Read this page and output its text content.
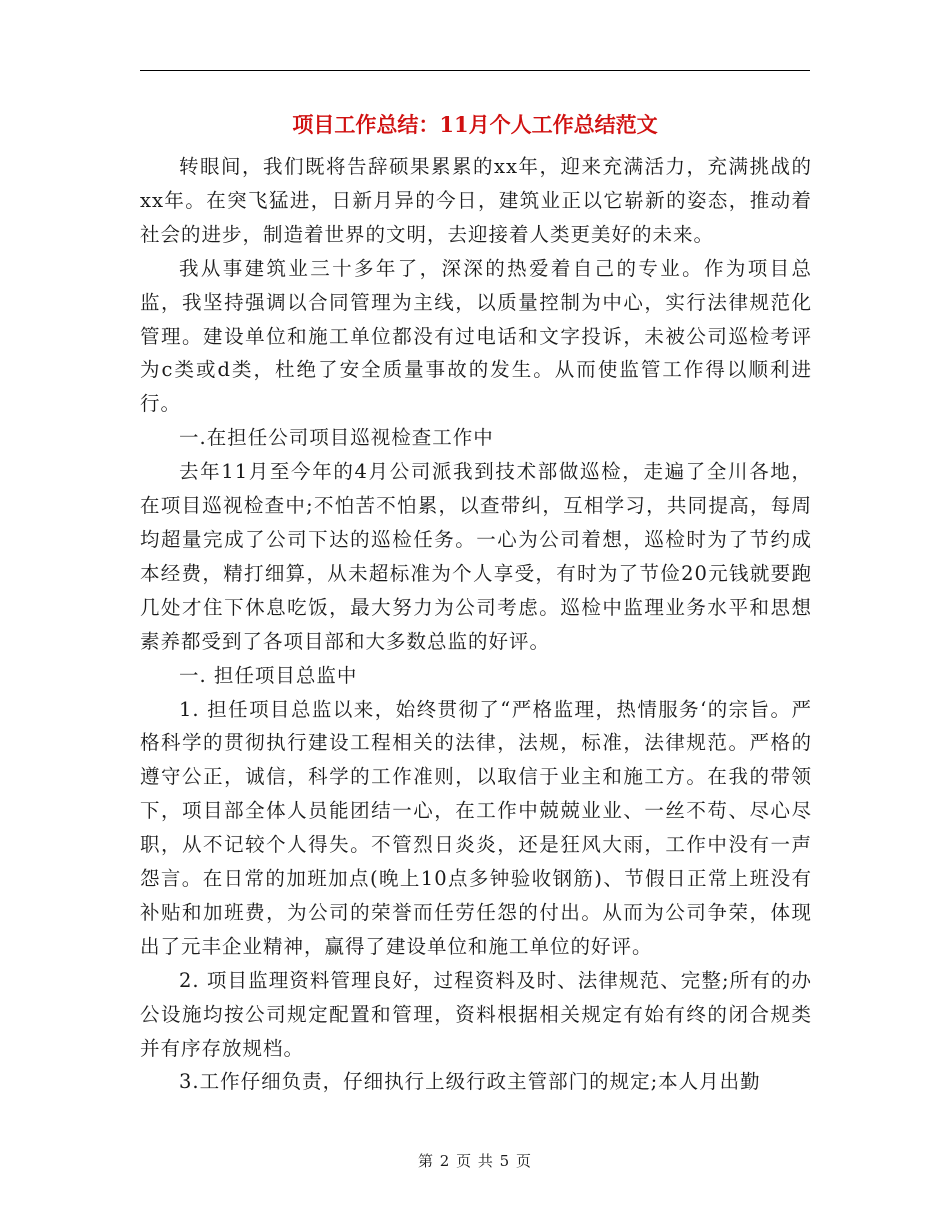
项目工作总结：11月个人工作总结范文

转眼间，我们既将告辞硕果累累的xx年，迎来充满活力，充满挑战的xx年。在突飞猛进，日新月异的今日，建筑业正以它崭新的姿态，推动着社会的进步，制造着世界的文明，去迎接着人类更美好的未来。

我从事建筑业三十多年了，深深的热爱着自己的专业。作为项目总监，我坚持强调以合同管理为主线，以质量控制为中心，实行法律规范化管理。建设单位和施工单位都没有过电话和文字投诉，未被公司巡检考评为c类或d类，杜绝了安全质量事故的发生。从而使监管工作得以顺利进行。

一.在担任公司项目巡视检查工作中

去年11月至今年的4月公司派我到技术部做巡检，走遍了全川各地，在项目巡视检查中;不怕苦不怕累，以查带纠，互相学习，共同提高，每周均超量完成了公司下达的巡检任务。一心为公司着想，巡检时为了节约成本经费，精打细算，从未超标准为个人享受，有时为了节俭20元钱就要跑几处才住下休息吃饭，最大努力为公司考虑。巡检中监理业务水平和思想素养都受到了各项目部和大多数总监的好评。

一. 担任项目总监中

1. 担任项目总监以来，始终贯彻了“严格监理，热情服务‘的宗旨。严格科学的贯彻执行建设工程相关的法律，法规，标准，法律规范。严格的遵守公正，诚信，科学的工作准则，以取信于业主和施工方。在我的带领下，项目部全体人员能团结一心，在工作中兢兢业业、一丝不苟、尽心尽职，从不记较个人得失。不管烈日炎炎，还是狂风大雨，工作中没有一声怨言。在日常的加班加点(晚上10点多钟验收钢筋)、节假日正常上班没有补贴和加班费，为公司的荣誉而任劳任怨的付出。从而为公司争荣，体现出了元丰企业精神，赢得了建设单位和施工单位的好评。

2. 项目监理资料管理良好，过程资料及时、法律规范、完整;所有的办公设施均按公司规定配置和管理，资料根据相关规定有始有终的闭合规类并有序存放规档。

3.工作仔细负责，仔细执行上级行政主管部门的规定;本人月出勤

第 2 页 共 5 页
